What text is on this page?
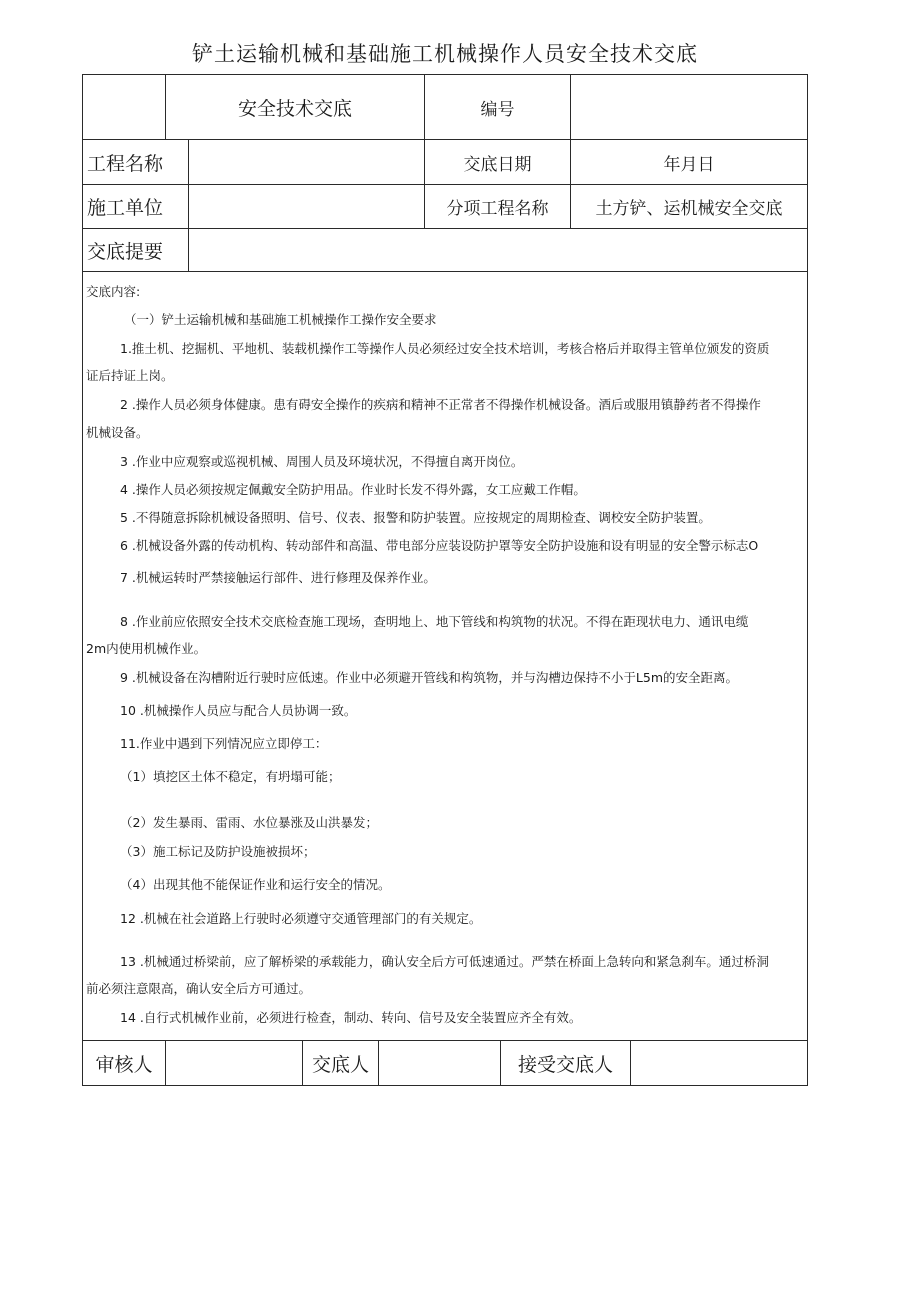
铲土运输机械和基础施工机械操作人员安全技术交底
安全技术交底	编号
工程名称	交底日期	年月日
施工单位	分项工程名称	土方铲、运机械安全交底
交底提要
交底内容:
（一）铲土运输机械和基础施工机械操作工操作安全要求
1.推土机、挖掘机、平地机、装载机操作工等操作人员必须经过安全技术培训，考核合格后并取得主管单位颁发的资质
证后持证上岗。
2 .操作人员必须身体健康。患有碍安全操作的疾病和精神不正常者不得操作机械设备。酒后或服用镇静药者不得操作
机械设备。
3 .作业中应观察或巡视机械、周围人员及环境状况，不得擅自离开岗位。
4 .操作人员必须按规定佩戴安全防护用品。作业时长发不得外露，女工应戴工作帽。
5 .不得随意拆除机械设备照明、信号、仪表、报警和防护装置。应按规定的周期检查、调校安全防护装置。
6 .机械设备外露的传动机构、转动部件和高温、带电部分应装设防护罩等安全防护设施和设有明显的安全警示标志O
7 .机械运转时严禁接触运行部件、进行修理及保养作业。
8 .作业前应依照安全技术交底检查施工现场，查明地上、地下管线和构筑物的状况。不得在距现状电力、通讯电缆
2m内使用机械作业。
9 .机械设备在沟槽附近行驶时应低速。作业中必须避开管线和构筑物，并与沟槽边保持不小于L5m的安全距离。
10 .机械操作人员应与配合人员协调一致。
11.作业中遇到下列情况应立即停工：
（1）填挖区土体不稳定，有坍塌可能；
（2）发生暴雨、雷雨、水位暴涨及山洪暴发；
（3）施工标记及防护设施被损坏；
（4）出现其他不能保证作业和运行安全的情况。
12 .机械在社会道路上行驶时必须遵守交通管理部门的有关规定。
13 .机械通过桥梁前，应了解桥梁的承载能力，确认安全后方可低速通过。严禁在桥面上急转向和紧急刹车。通过桥洞
前必须注意限高，确认安全后方可通过。
14 .自行式机械作业前，必须进行检查，制动、转向、信号及安全装置应齐全有效。
审核人	交底人	接受交底人
